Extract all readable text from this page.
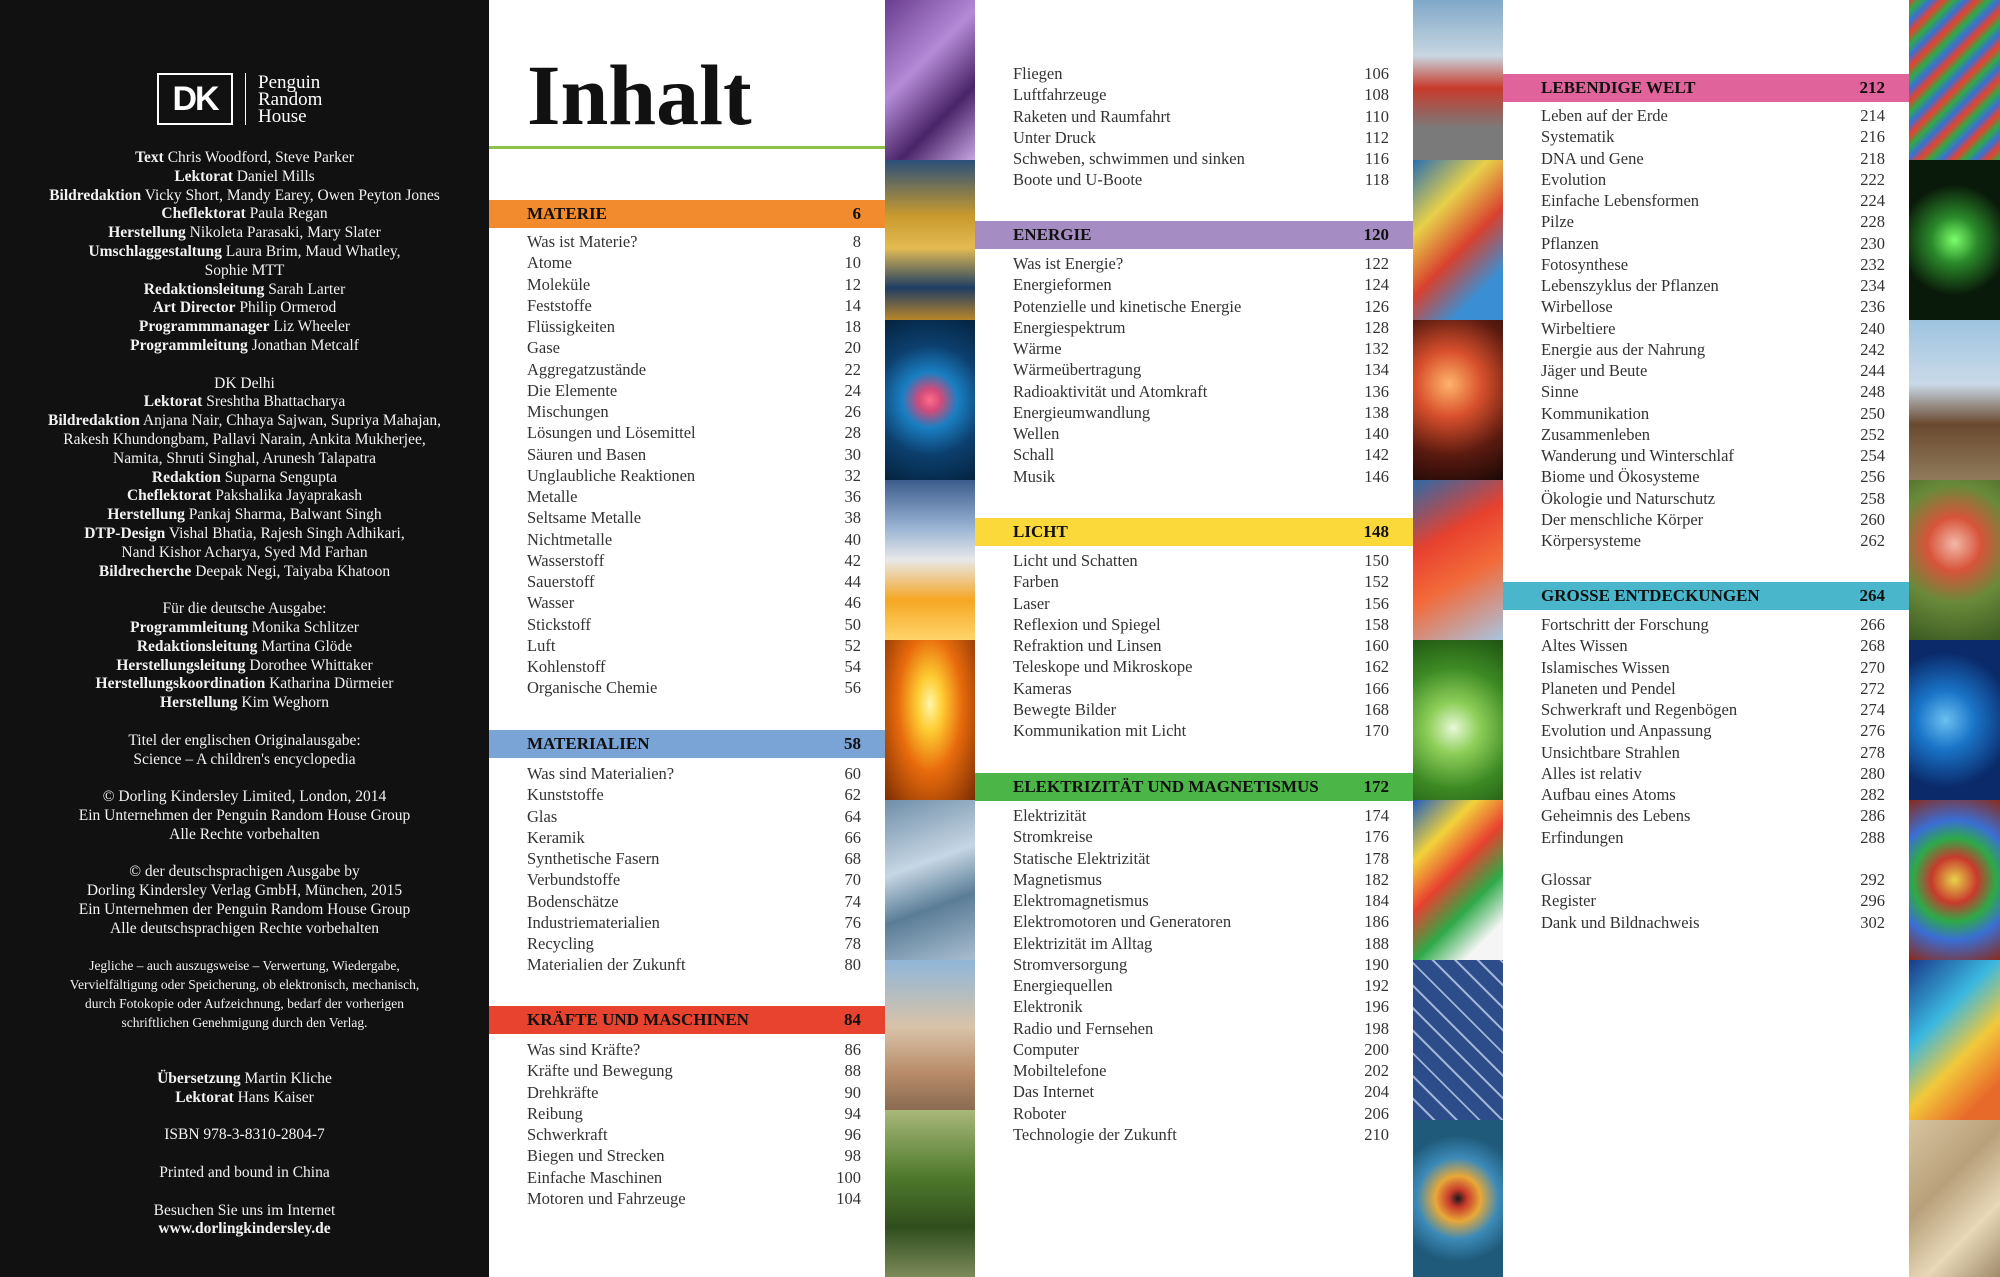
DK	Penguin
Random
House

Text Chris Woodford, Steve Parker

Lektorat Daniel Mills

Bildredaktion Vicky Short, Mandy Earey, Owen Peyton Jones

Cheflektorat Paula Regan

Herstellung Nikoleta Parasaki, Mary Slater

Umschlaggestaltung Laura Brim, Maud Whatley,

Sophie MTT

Redaktionsleitung Sarah Larter

Art Director Philip Ormerod

Programmmanager Liz Wheeler

Programmleitung Jonathan Metcalf

DK Delhi

Lektorat Sreshtha Bhattacharya

Bildredaktion Anjana Nair, Chhaya Sajwan, Supriya Mahajan,

Rakesh Khundongbam, Pallavi Narain, Ankita Mukherjee,

Namita, Shruti Singhal, Arunesh Talapatra

Redaktion Suparna Sengupta

Cheflektorat Pakshalika Jayaprakash

Herstellung Pankaj Sharma, Balwant Singh

DTP-Design Vishal Bhatia, Rajesh Singh Adhikari,

Nand Kishor Acharya, Syed Md Farhan

Bildrecherche Deepak Negi, Taiyaba Khatoon

Für die deutsche Ausgabe:

Programmleitung Monika Schlitzer

Redaktionsleitung Martina Glöde

Herstellungsleitung Dorothee Whittaker

Herstellungskoordination Katharina Dürmeier

Herstellung Kim Weghorn

Titel der englischen Originalausgabe:

Science – A children's encyclopedia

© Dorling Kindersley Limited, London, 2014

Ein Unternehmen der Penguin Random House Group

Alle Rechte vorbehalten

© der deutschsprachigen Ausgabe by

Dorling Kindersley Verlag GmbH, München, 2015

Ein Unternehmen der Penguin Random House Group

Alle deutschsprachigen Rechte vorbehalten

Jegliche – auch auszugsweise – Verwertung, Wiedergabe,

Vervielfältigung oder Speicherung, ob elektronisch, mechanisch,

durch Fotokopie oder Aufzeichnung, bedarf der vorherigen

schriftlichen Genehmigung durch den Verlag.

Übersetzung Martin Kliche

Lektorat Hans Kaiser

ISBN 978-3-8310-2804-7

Printed and bound in China

Besuchen Sie uns im Internet

www.dorlingkindersley.de

Inhalt
MATERIE	6
Was ist Materie?	8
Atome	10
Moleküle	12
Feststoffe	14
Flüssigkeiten	18
Gase	20
Aggregatzustände	22
Die Elemente	24
Mischungen	26
Lösungen und Lösemittel	28
Säuren und Basen	30
Unglaubliche Reaktionen	32
Metalle	36
Seltsame Metalle	38
Nichtmetalle	40
Wasserstoff	42
Sauerstoff	44
Wasser	46
Stickstoff	50
Luft	52
Kohlenstoff	54
Organische Chemie	56
MATERIALIEN	58
Was sind Materialien?	60
Kunststoffe	62
Glas	64
Keramik	66
Synthetische Fasern	68
Verbundstoffe	70
Bodenschätze	74
Industriematerialien	76
Recycling	78
Materialien der Zukunft	80
KRÄFTE UND MASCHINEN	84
Was sind Kräfte?	86
Kräfte und Bewegung	88
Drehkräfte	90
Reibung	94
Schwerkraft	96
Biegen und Strecken	98
Einfache Maschinen	100
Motoren und Fahrzeuge	104
Fliegen	106
Luftfahrzeuge	108
Raketen und Raumfahrt	110
Unter Druck	112
Schweben, schwimmen und sinken	116
Boote und U-Boote	118
ENERGIE	120
Was ist Energie?	122
Energieformen	124
Potenzielle und kinetische Energie	126
Energiespektrum	128
Wärme	132
Wärmeübertragung	134
Radioaktivität und Atomkraft	136
Energieumwandlung	138
Wellen	140
Schall	142
Musik	146
LICHT	148
Licht und Schatten	150
Farben	152
Laser	156
Reflexion und Spiegel	158
Refraktion und Linsen	160
Teleskope und Mikroskope	162
Kameras	166
Bewegte Bilder	168
Kommunikation mit Licht	170
ELEKTRIZITÄT UND MAGNETISMUS	172
Elektrizität	174
Stromkreise	176
Statische Elektrizität	178
Magnetismus	182
Elektromagnetismus	184
Elektromotoren und Generatoren	186
Elektrizität im Alltag	188
Stromversorgung	190
Energiequellen	192
Elektronik	196
Radio und Fernsehen	198
Computer	200
Mobiltelefone	202
Das Internet	204
Roboter	206
Technologie der Zukunft	210
LEBENDIGE WELT	212
Leben auf der Erde	214
Systematik	216
DNA und Gene	218
Evolution	222
Einfache Lebensformen	224
Pilze	228
Pflanzen	230
Fotosynthese	232
Lebenszyklus der Pflanzen	234
Wirbellose	236
Wirbeltiere	240
Energie aus der Nahrung	242
Jäger und Beute	244
Sinne	248
Kommunikation	250
Zusammenleben	252
Wanderung und Winterschlaf	254
Biome und Ökosysteme	256
Ökologie und Naturschutz	258
Der menschliche Körper	260
Körpersysteme	262
GROSSE ENTDECKUNGEN	264
Fortschritt der Forschung	266
Altes Wissen	268
Islamisches Wissen	270
Planeten und Pendel	272
Schwerkraft und Regenbögen	274
Evolution und Anpassung	276
Unsichtbare Strahlen	278
Alles ist relativ	280
Aufbau eines Atoms	282
Geheimnis des Lebens	286
Erfindungen	288
Glossar	292
Register	296
Dank und Bildnachweis	302
